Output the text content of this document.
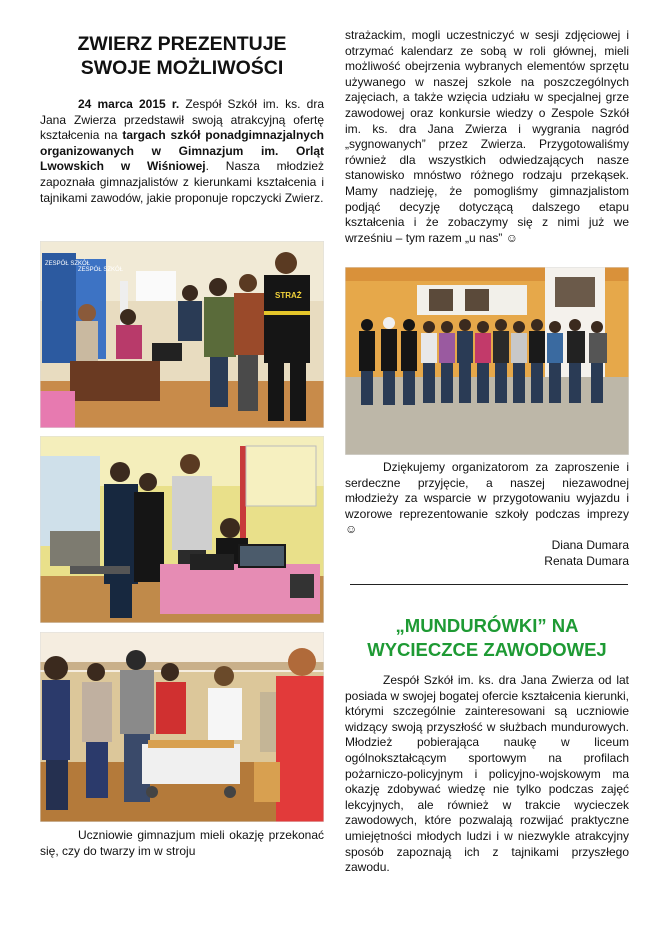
ZWIERZ PREZENTUJE
SWOJE MOŻLIWOŚCI

24 marca 2015 r. Zespół Szkół im. ks. dra Jana Zwierza przedstawił swoją atrakcyjną ofertę kształcenia na targach szkół ponadgimnazjalnych organizowanych w Gimnazjum im. Orląt Lwowskich w Wiśniowej. Nasza młodzież zapoznała gimnazjalistów z kierunkami kształcenia i tajnikami zawodów, jakie proponuje ropczycki Zwierz.

ZESPÓŁ SZKÓŁ
ZESPÓŁ SZKÓŁ
STRAŻ

Uczniowie gimnazjum mieli okazję przekonać się, czy do twarzy im w stroju

strażackim, mogli uczestniczyć w sesji zdjęciowej i otrzymać kalendarz ze sobą w roli głównej, mieli możliwość obejrzenia wybranych elementów sprzętu używanego w naszej szkole na poszczególnych zajęciach, a także wzięcia udziału w specjalnej grze zawodowej oraz konkursie wiedzy o Zespole Szkół im. ks. dra Jana Zwierza i wygrania nagród „sygnowanych” przez Zwierza. Przygotowaliśmy również dla wszystkich odwiedzających nasze stanowisko mnóstwo różnego rodzaju przekąsek. Mamy nadzieję, że pomogliśmy gimnazjalistom podjąć decyzję dotyczącą dalszego etapu kształcenia i że zobaczymy się z nimi już we wrześniu – tym razem „u nas” ☺

Dziękujemy organizatorom za zaproszenie i serdeczne przyjęcie, a naszej niezawodnej młodzieży za wsparcie w przygotowaniu wyjazdu i wzorowe reprezentowanie szkoły podczas imprezy ☺

Diana Dumara
Renata Dumara

„MUNDURÓWKI” NA
WYCIECZCE ZAWODOWEJ

Zespół Szkół im. ks. dra Jana Zwierza od lat posiada w swojej bogatej ofercie kształcenia kierunki, którymi szczególnie zainteresowani są uczniowie widzący swoją przyszłość w służbach mundurowych. Młodzież pobierająca naukę w liceum ogólnokształcącym sportowym na profilach pożarniczo-policyjnym i policyjno-wojskowym ma okazję zdobywać wiedzę nie tylko podczas zajęć lekcyjnych, ale również w trakcie wycieczek zawodowych, które pozwalają rozwijać praktyczne umiejętności młodych ludzi i w niezwykle atrakcyjny sposób zapoznają ich z tajnikami przyszłego zawodu.
